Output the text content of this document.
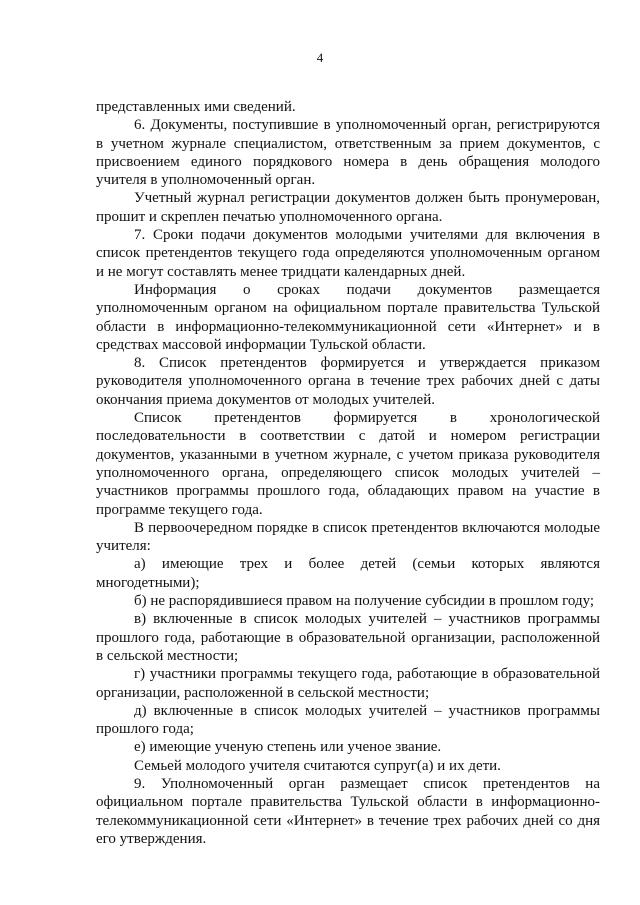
4

представленных ими сведений.

6. Документы, поступившие в уполномоченный орган, регистрируются в учетном журнале специалистом, ответственным за прием документов, с присвоением единого порядкового номера в день обращения молодого учителя в уполномоченный орган.

Учетный журнал регистрации документов должен быть пронумерован, прошит и скреплен печатью уполномоченного органа.

7. Сроки подачи документов молодыми учителями для включения в список претендентов текущего года определяются уполномоченным органом и не могут составлять менее тридцати календарных дней.

Информация о сроках подачи документов размещается уполномоченным органом на официальном портале правительства Тульской области в информационно-телекоммуникационной сети «Интернет» и в средствах массовой информации Тульской области.

8. Список претендентов формируется и утверждается приказом руководителя уполномоченного органа в течение трех рабочих дней с даты окончания приема документов от молодых учителей.

Список претендентов формируется в хронологической последовательности в соответствии с датой и номером регистрации документов, указанными в учетном журнале, с учетом приказа руководителя уполномоченного органа, определяющего список молодых учителей – участников программы прошлого года, обладающих правом на участие в программе текущего года.

В первоочередном порядке в список претендентов включаются молодые учителя:

а) имеющие трех и более детей (семьи которых являются многодетными);

б) не распорядившиеся правом на получение субсидии в прошлом году;

в) включенные в список молодых учителей – участников программы прошлого года, работающие в образовательной организации, расположенной в сельской местности;

г) участники программы текущего года, работающие в образовательной организации, расположенной в сельской местности;

д) включенные в список молодых учителей – участников программы прошлого года;

е) имеющие ученую степень или ученое звание.

Семьей молодого учителя считаются супруг(а) и их дети.

9. Уполномоченный орган размещает список претендентов на официальном портале правительства Тульской области в информационно-телекоммуникационной сети «Интернет» в течение трех рабочих дней со дня его утверждения.
